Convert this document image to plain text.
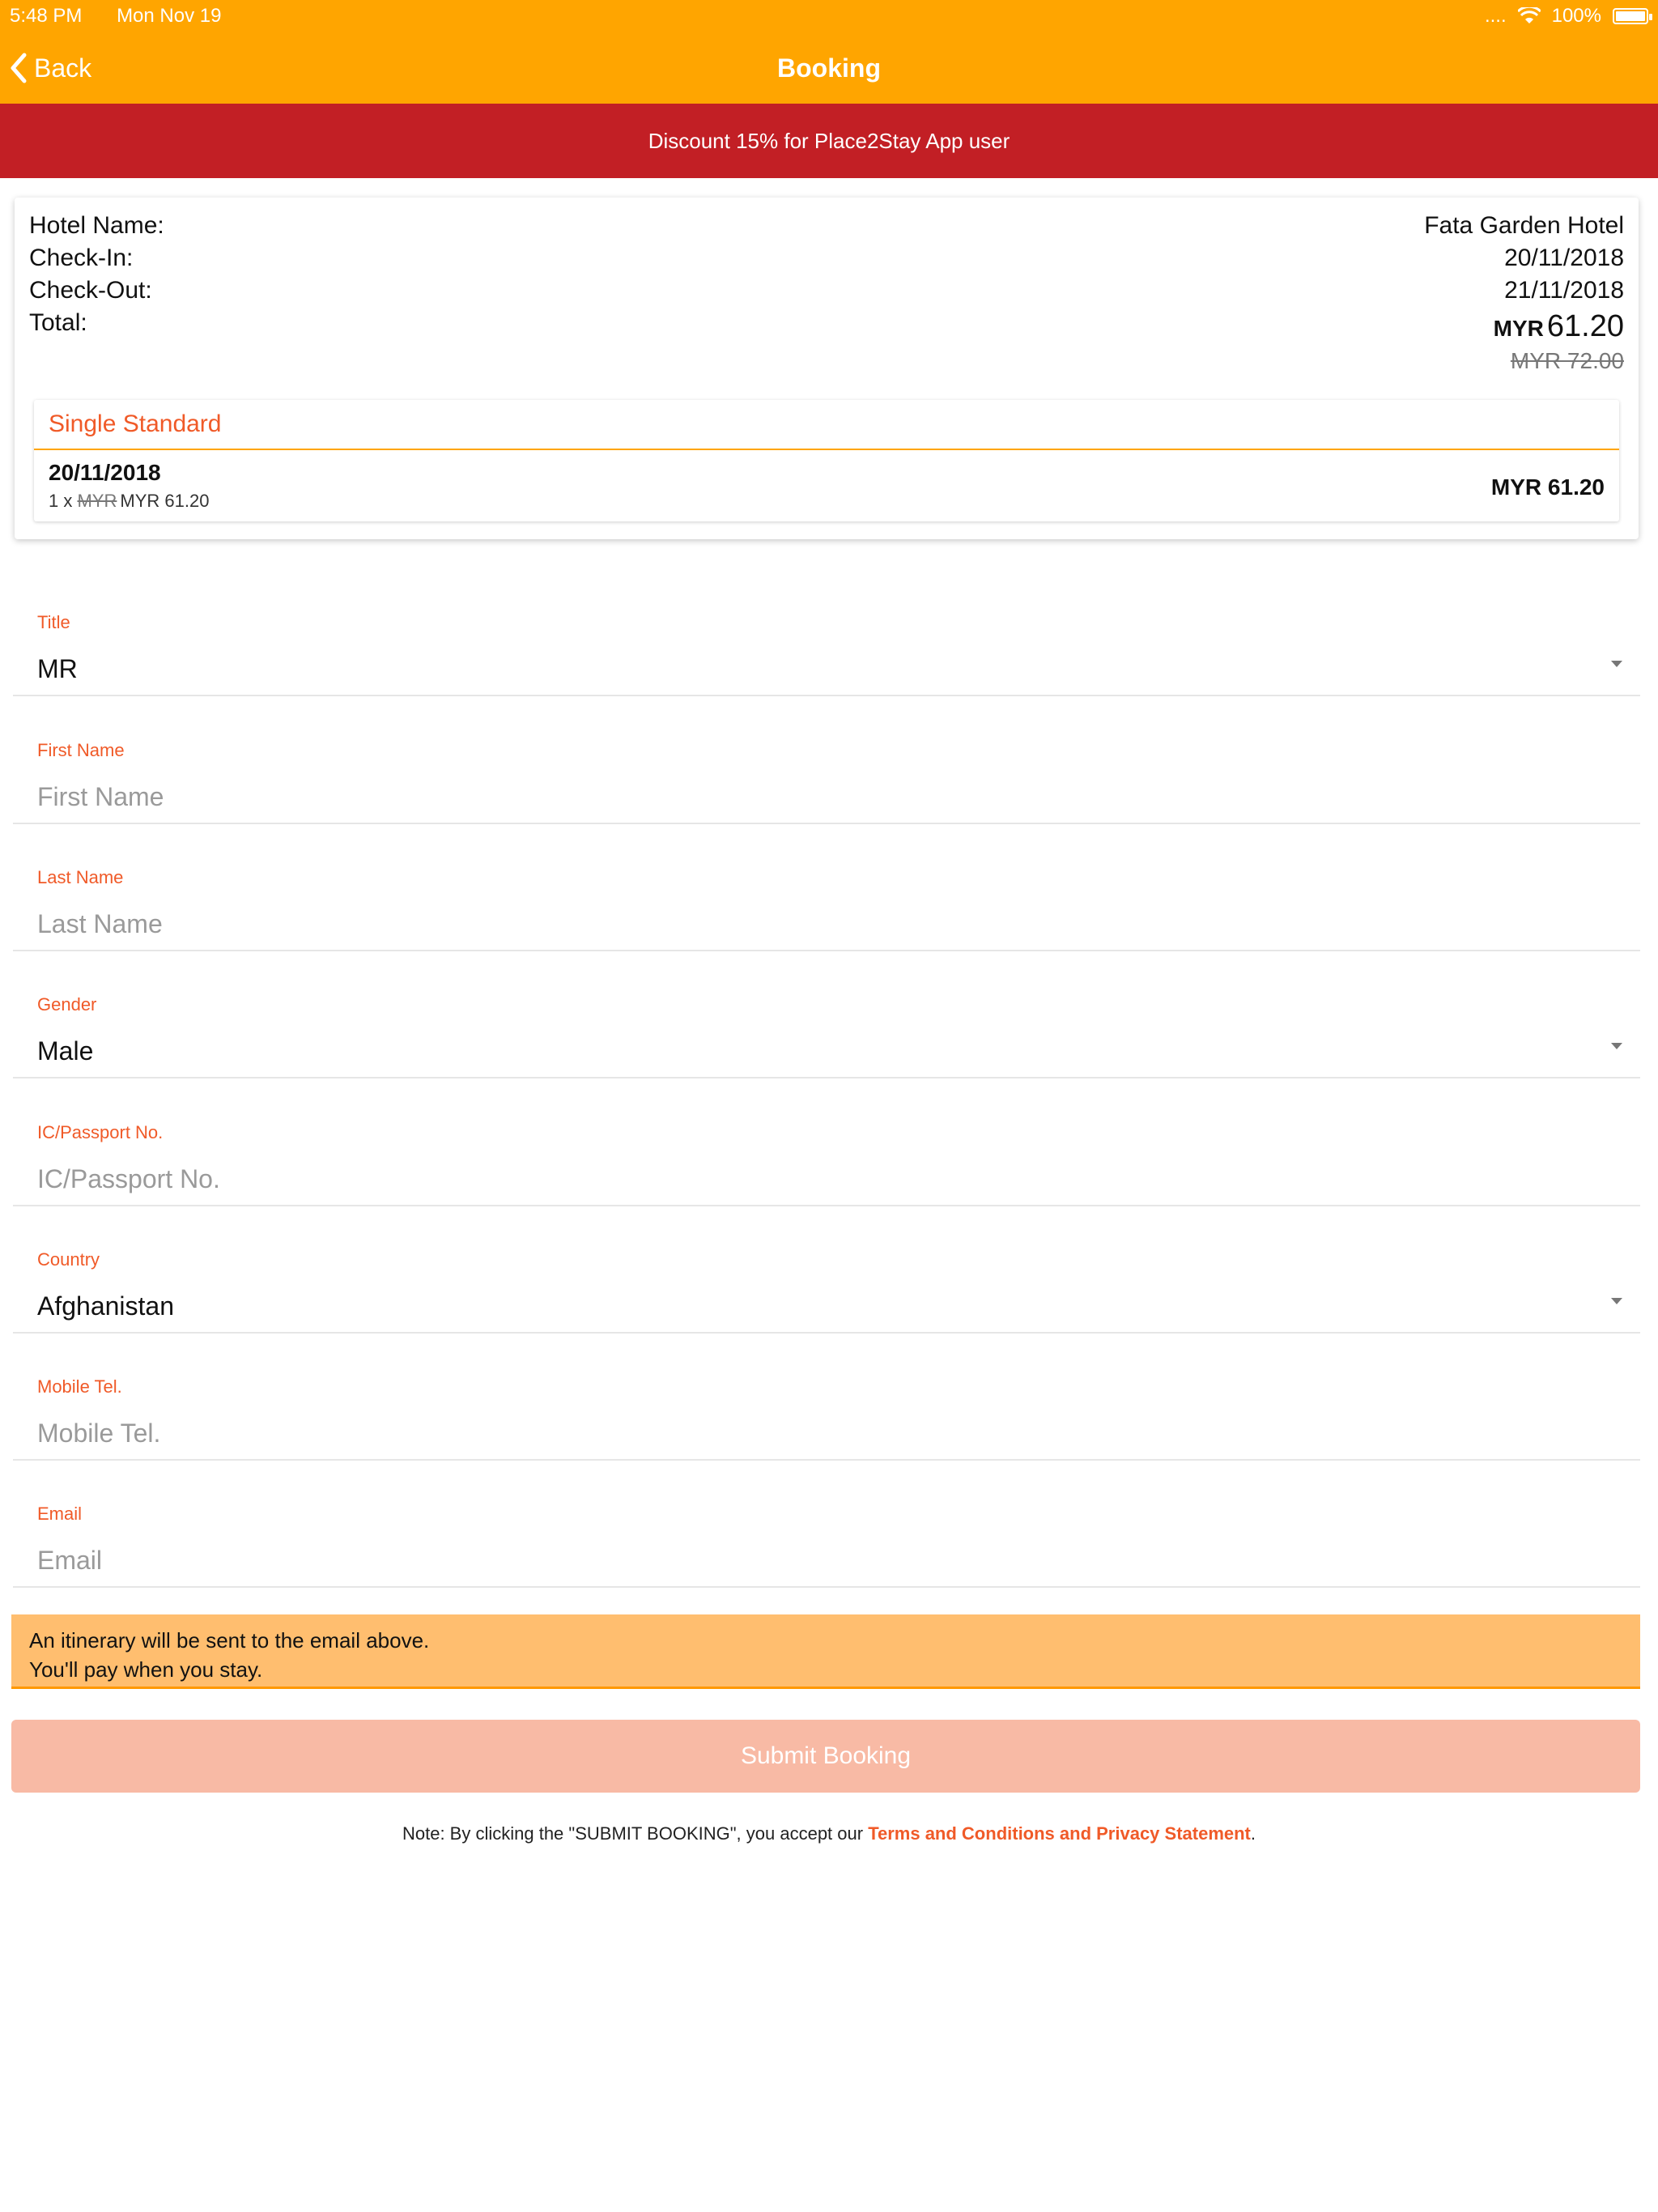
5:48 PM Mon Nov 19	.... 100%
Back	Booking
Discount 15% for Place2Stay App user
Hotel Name:	Fata Garden Hotel
Check-In:	20/11/2018
Check-Out:	21/11/2018
Total:	MYR 61.20
MYR 72.00
Single Standard
20/11/2018
1 x MYR MYR 61.20
MYR 61.20
Title
MR
First Name
First Name
Last Name
Last Name
Gender
Male
IC/Passport No.
IC/Passport No.
Country
Afghanistan
Mobile Tel.
Mobile Tel.
Email
Email
An itinerary will be sent to the email above.
You'll pay when you stay.
Submit Booking
Note: By clicking the "SUBMIT BOOKING", you accept our Terms and Conditions and Privacy Statement.
